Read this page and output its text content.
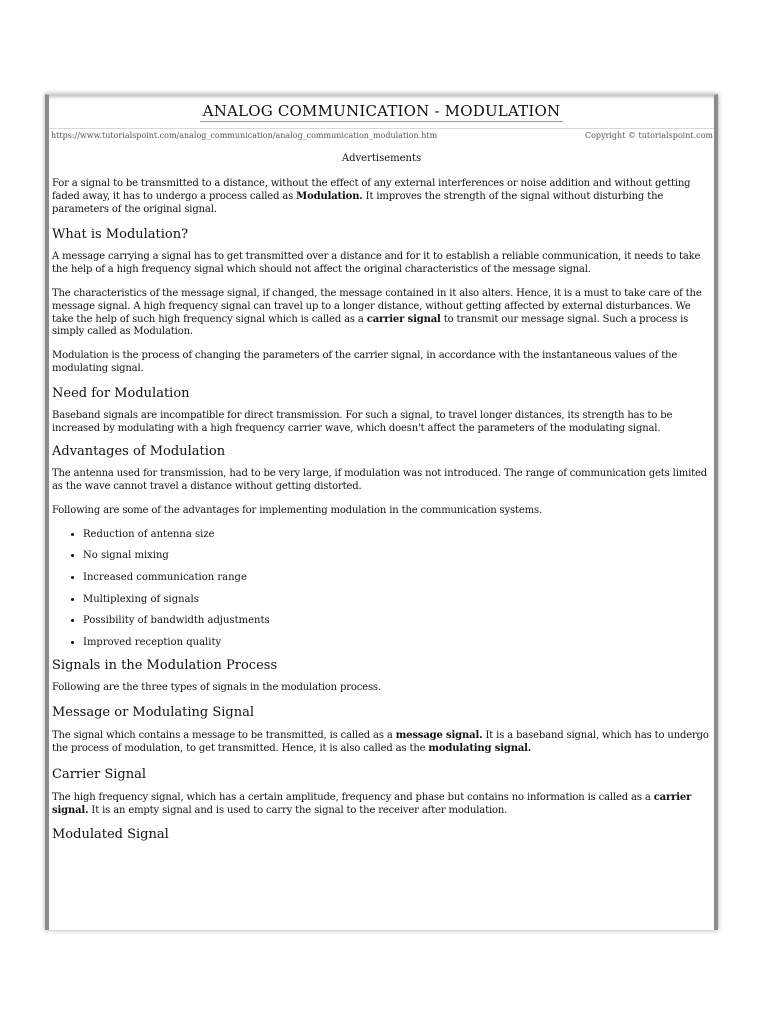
ANALOG COMMUNICATION - MODULATION
https://www.tutorialspoint.com/analog_communication/analog_communication_modulation.htm	Copyright © tutorialspoint.com
Advertisements

For a signal to be transmitted to a distance, without the effect of any external interferences or noise addition and without getting faded away, it has to undergo a process called as Modulation. It improves the strength of the signal without disturbing the parameters of the original signal.

What is Modulation?

A message carrying a signal has to get transmitted over a distance and for it to establish a reliable communication, it needs to take the help of a high frequency signal which should not affect the original characteristics of the message signal.

The characteristics of the message signal, if changed, the message contained in it also alters. Hence, it is a must to take care of the message signal. A high frequency signal can travel up to a longer distance, without getting affected by external disturbances. We take the help of such high frequency signal which is called as a carrier signal to transmit our message signal. Such a process is simply called as Modulation.

Modulation is the process of changing the parameters of the carrier signal, in accordance with the instantaneous values of the modulating signal.

Need for Modulation

Baseband signals are incompatible for direct transmission. For such a signal, to travel longer distances, its strength has to be increased by modulating with a high frequency carrier wave, which doesn't affect the parameters of the modulating signal.

Advantages of Modulation

The antenna used for transmission, had to be very large, if modulation was not introduced. The range of communication gets limited as the wave cannot travel a distance without getting distorted.

Following are some of the advantages for implementing modulation in the communication systems.

• Reduction of antenna size
• No signal mixing
• Increased communication range
• Multiplexing of signals
• Possibility of bandwidth adjustments
• Improved reception quality
Signals in the Modulation Process

Following are the three types of signals in the modulation process.

Message or Modulating Signal

The signal which contains a message to be transmitted, is called as a message signal. It is a baseband signal, which has to undergo the process of modulation, to get transmitted. Hence, it is also called as the modulating signal.

Carrier Signal

The high frequency signal, which has a certain amplitude, frequency and phase but contains no information is called as a carrier signal. It is an empty signal and is used to carry the signal to the receiver after modulation.

Modulated Signal
